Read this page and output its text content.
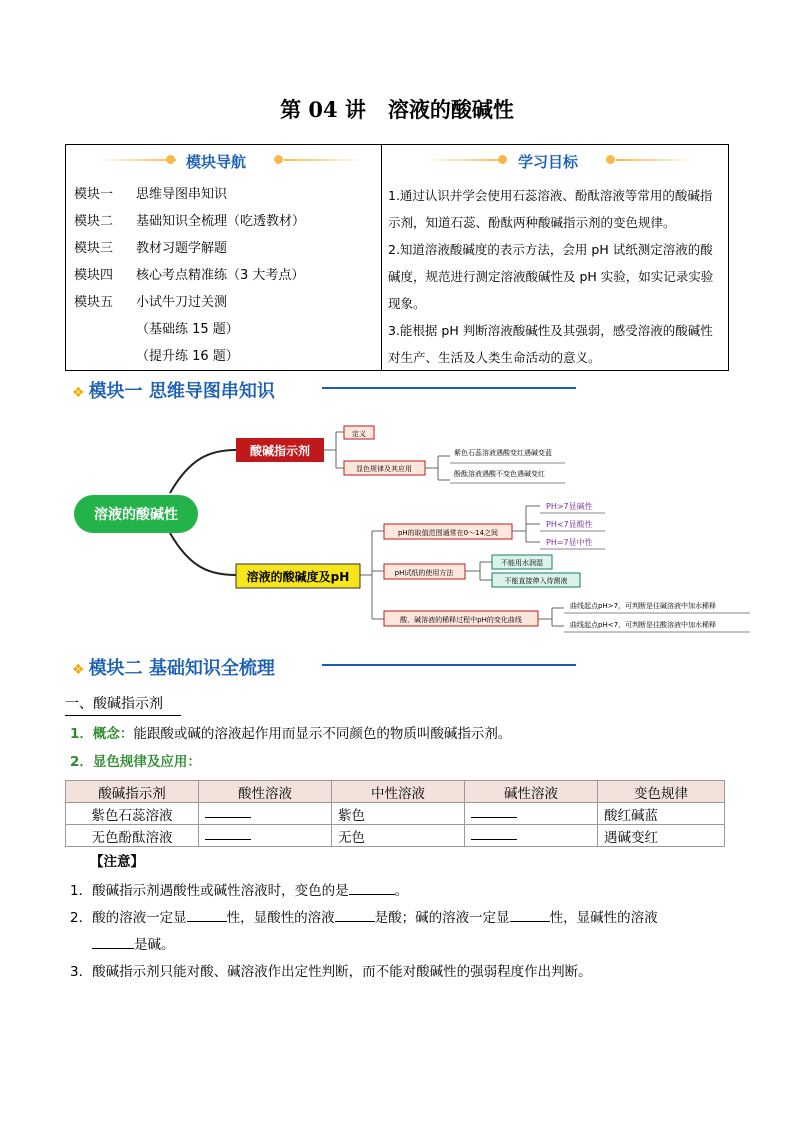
第 04 讲 溶液的酸碱性
模块导航
模块一 思维导图串知识
模块二 基础知识全梳理（吃透教材）
模块三 教材习题学解题
模块四 核心考点精准练（3 大考点）
模块五 小试牛刀过关测
（基础练 15 题）
（提升练 16 题）
学习目标
1.通过认识并学会使用石蕊溶液、酚酞溶液等常用的酸碱指示剂，知道石蕊、酚酞两种酸碱指示剂的变色规律。
2.知道溶液酸碱度的表示方法，会用 pH 试纸测定溶液的酸碱度，规范进行测定溶液酸碱性及 pH 实验，如实记录实验现象。
3.能根据 pH 判断溶液酸碱性及其强弱，感受溶液的酸碱性对生产、生活及人类生命活动的意义。
❖ 模块一 思维导图串知识
溶液的酸碱性
酸碱指示剂
定义
显色规律及其应用
紫色石蕊溶液遇酸变红遇碱变蓝
酚酞溶液遇酸不变色遇碱变红
溶液的酸碱度及pH
pH的取值范围通常在0～14之间
PH>7显碱性
PH<7显酸性
PH=7显中性
pH试纸的使用方法
不能用水润湿
不能直接伸入待测液
酸、碱溶液的稀释过程中pH的变化曲线
曲线起点pH>7，可判断是往碱溶液中加水稀释
曲线起点pH<7，可判断是往酸溶液中加水稀释
❖ 模块二 基础知识全梳理
一、酸碱指示剂
1．概念：能跟酸或碱的溶液起作用而显示不同颜色的物质叫酸碱指示剂。
2．显色规律及应用：
酸碱指示剂	酸性溶液	中性溶液	碱性溶液	变色规律
紫色石蕊溶液		紫色		酸红碱蓝
无色酚酞溶液		无色		遇碱变红
【注意】
1．酸碱指示剂遇酸性或碱性溶液时，变色的是	。
2．酸的溶液一定显	性，显酸性的溶液	是酸；碱的溶液一定显	性，显碱性的溶液
是碱。
3．酸碱指示剂只能对酸、碱溶液作出定性判断，而不能对酸碱性的强弱程度作出判断。
